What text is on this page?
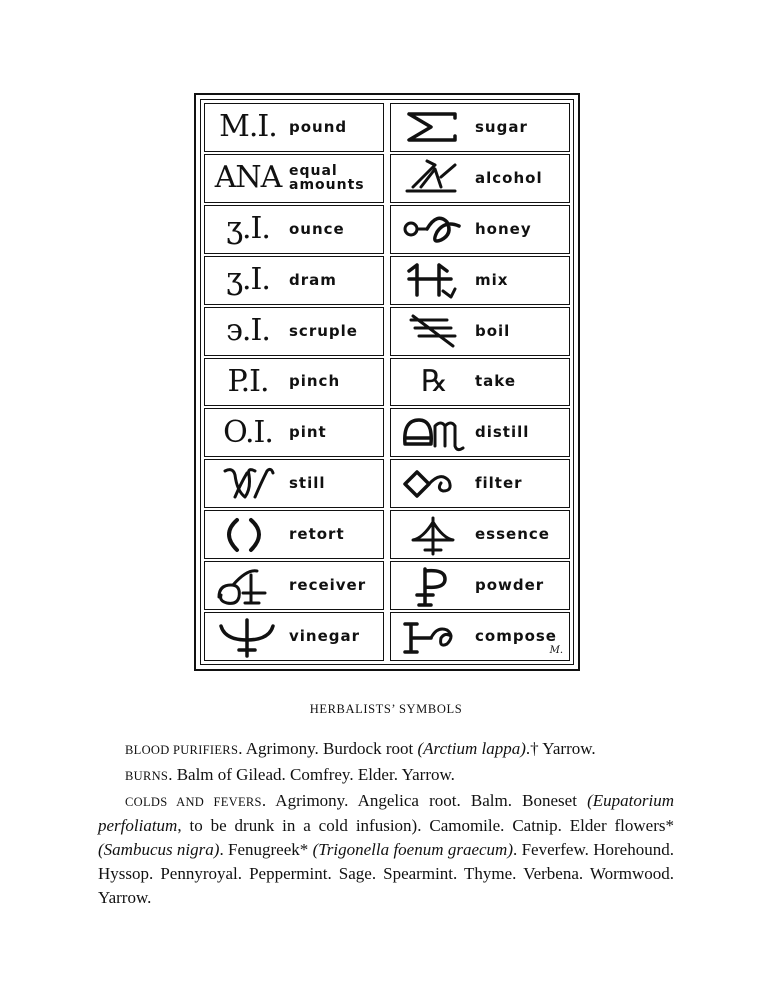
M.I. pound
ANA equal
amounts
ʒ.I. ounce
ʒ.I. dram
϶.I. scruple
P.I. pinch
O.I. pint
still
retort
receiver
vinegar
sugar
alcohol
honey
mix
boil
℞ take
distill
filter
essence
powder
compose
M.
HERBALISTS’ SYMBOLS

BLOOD PURIFIERS. Agrimony. Burdock root (Arctium lappa).† Yarrow.

BURNS. Balm of Gilead. Comfrey. Elder. Yarrow.

COLDS AND FEVERS. Agrimony. Angelica root. Balm. Boneset (Eupatorium perfoliatum, to be drunk in a cold infusion). Camomile. Catnip. Elder flowers* (Sambucus nigra). Fenugreek* (Trigonella foenum graecum). Feverfew. Horehound. Hyssop. Pennyroyal. Peppermint. Sage. Spearmint. Thyme. Verbena. Wormwood. Yarrow.
